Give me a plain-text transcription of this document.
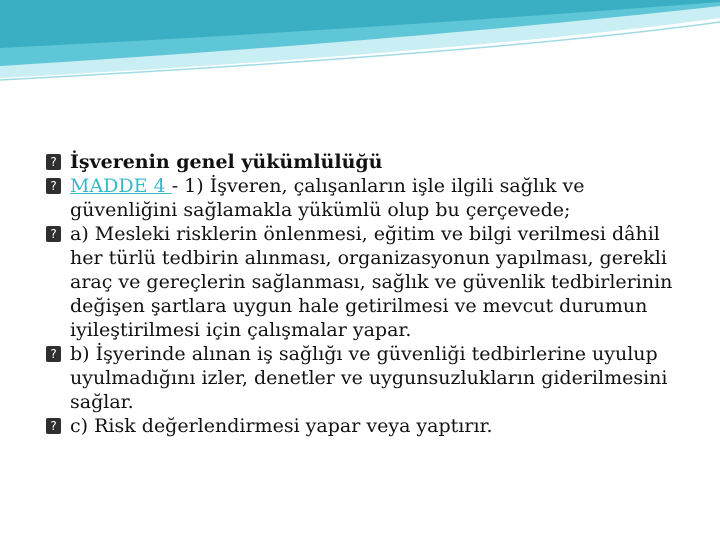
? İşverenin genel yükümlülüğü

? MADDE 4 - 1) İşveren, çalışanların işle ilgili sağlık ve güvenliğini sağlamakla yükümlü olup bu çerçevede;

? a) Mesleki risklerin önlenmesi, eğitim ve bilgi verilmesi dâhil her türlü tedbirin alınması, organizasyonun yapılması, gerekli araç ve gereçlerin sağlanması, sağlık ve güvenlik tedbirlerinin değişen şartlara uygun hale getirilmesi ve mevcut durumun iyileştirilmesi için çalışmalar yapar.

? b) İşyerinde alınan iş sağlığı ve güvenliği tedbirlerine uyulup uyulmadığını izler, denetler ve uygunsuzlukların giderilmesini sağlar.

? c) Risk değerlendirmesi yapar veya yaptırır.
